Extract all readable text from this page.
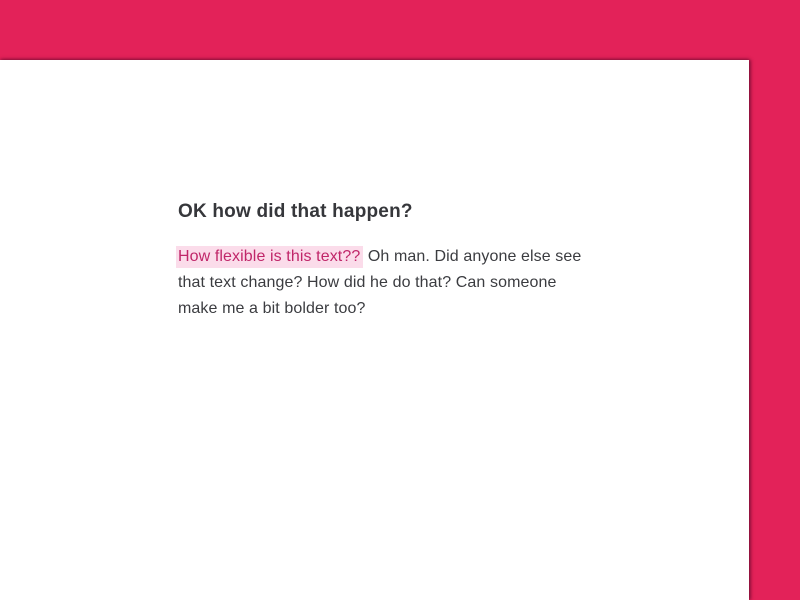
OK how did that happen?
How flexible is this text?? Oh man. Did anyone else see
that text change? How did he do that? Can someone
make me a bit bolder too?
